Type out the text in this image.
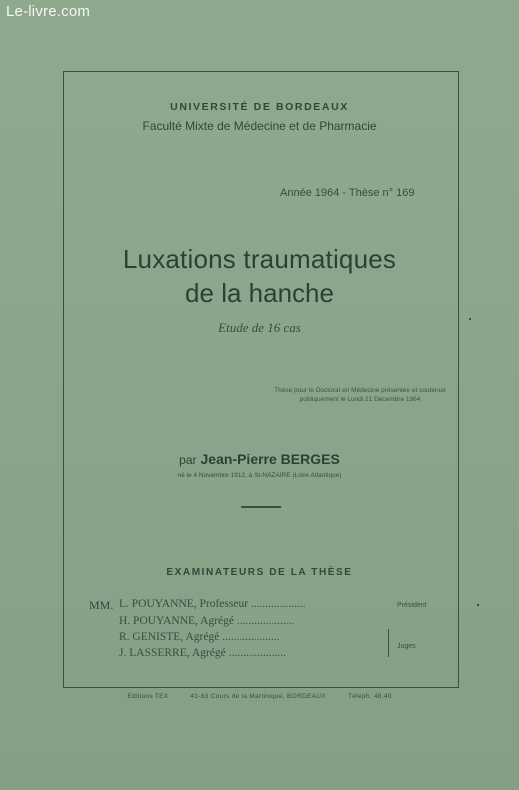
Le-livre.com
UNIVERSITÉ DE BORDEAUX
Faculté Mixte de Médecine et de Pharmacie
Année 1964 - Thèse n° 169
Luxations traumatiques
de la hanche
Etude de 16 cas
Thèse pour le Doctorat en Médecine présentée et soutenue publiquement le Lundi 21 Décembre 1964
par Jean-Pierre BERGES
né le 4 Novembre 1912, à St-NAZAIRE (Loire Atlantique)
EXAMINATEURS DE LA THÈSE
MM. L. POUYANNE, Professeur ...................
H. POUYANNE, Agrégé ....................
R. GENISTE, Agrégé ....................
J. LASSERRE, Agrégé ....................
Président
Juges
Editions TEX	41-63 Cours de la Martinique, BORDEAUX	Téléph. 48.40
